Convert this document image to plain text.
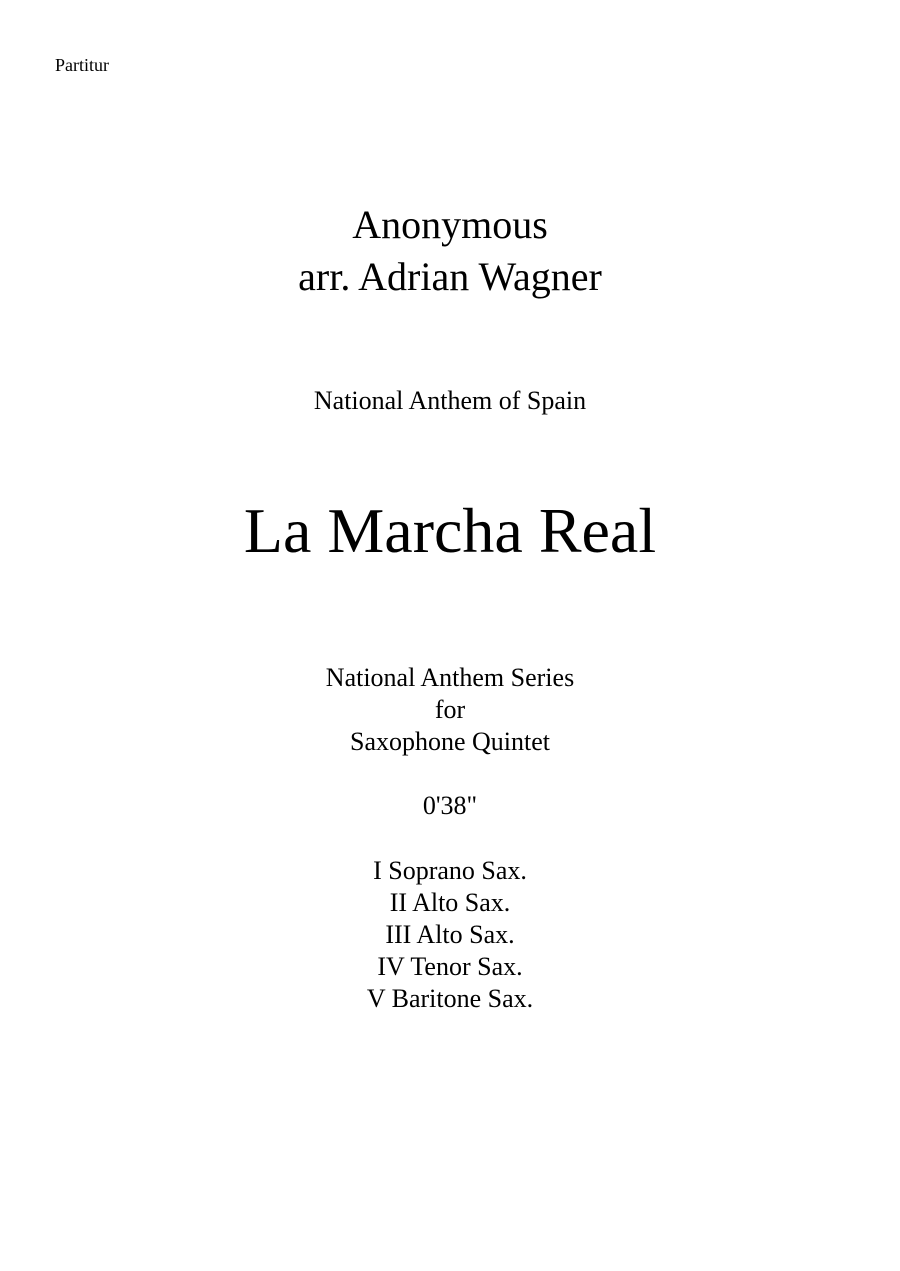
Partitur
Anonymous
arr. Adrian Wagner
National Anthem of Spain
La Marcha Real
National Anthem Series
for
Saxophone Quintet
0'38"
I Soprano Sax.
II Alto Sax.
III Alto Sax.
IV Tenor Sax.
V Baritone Sax.
